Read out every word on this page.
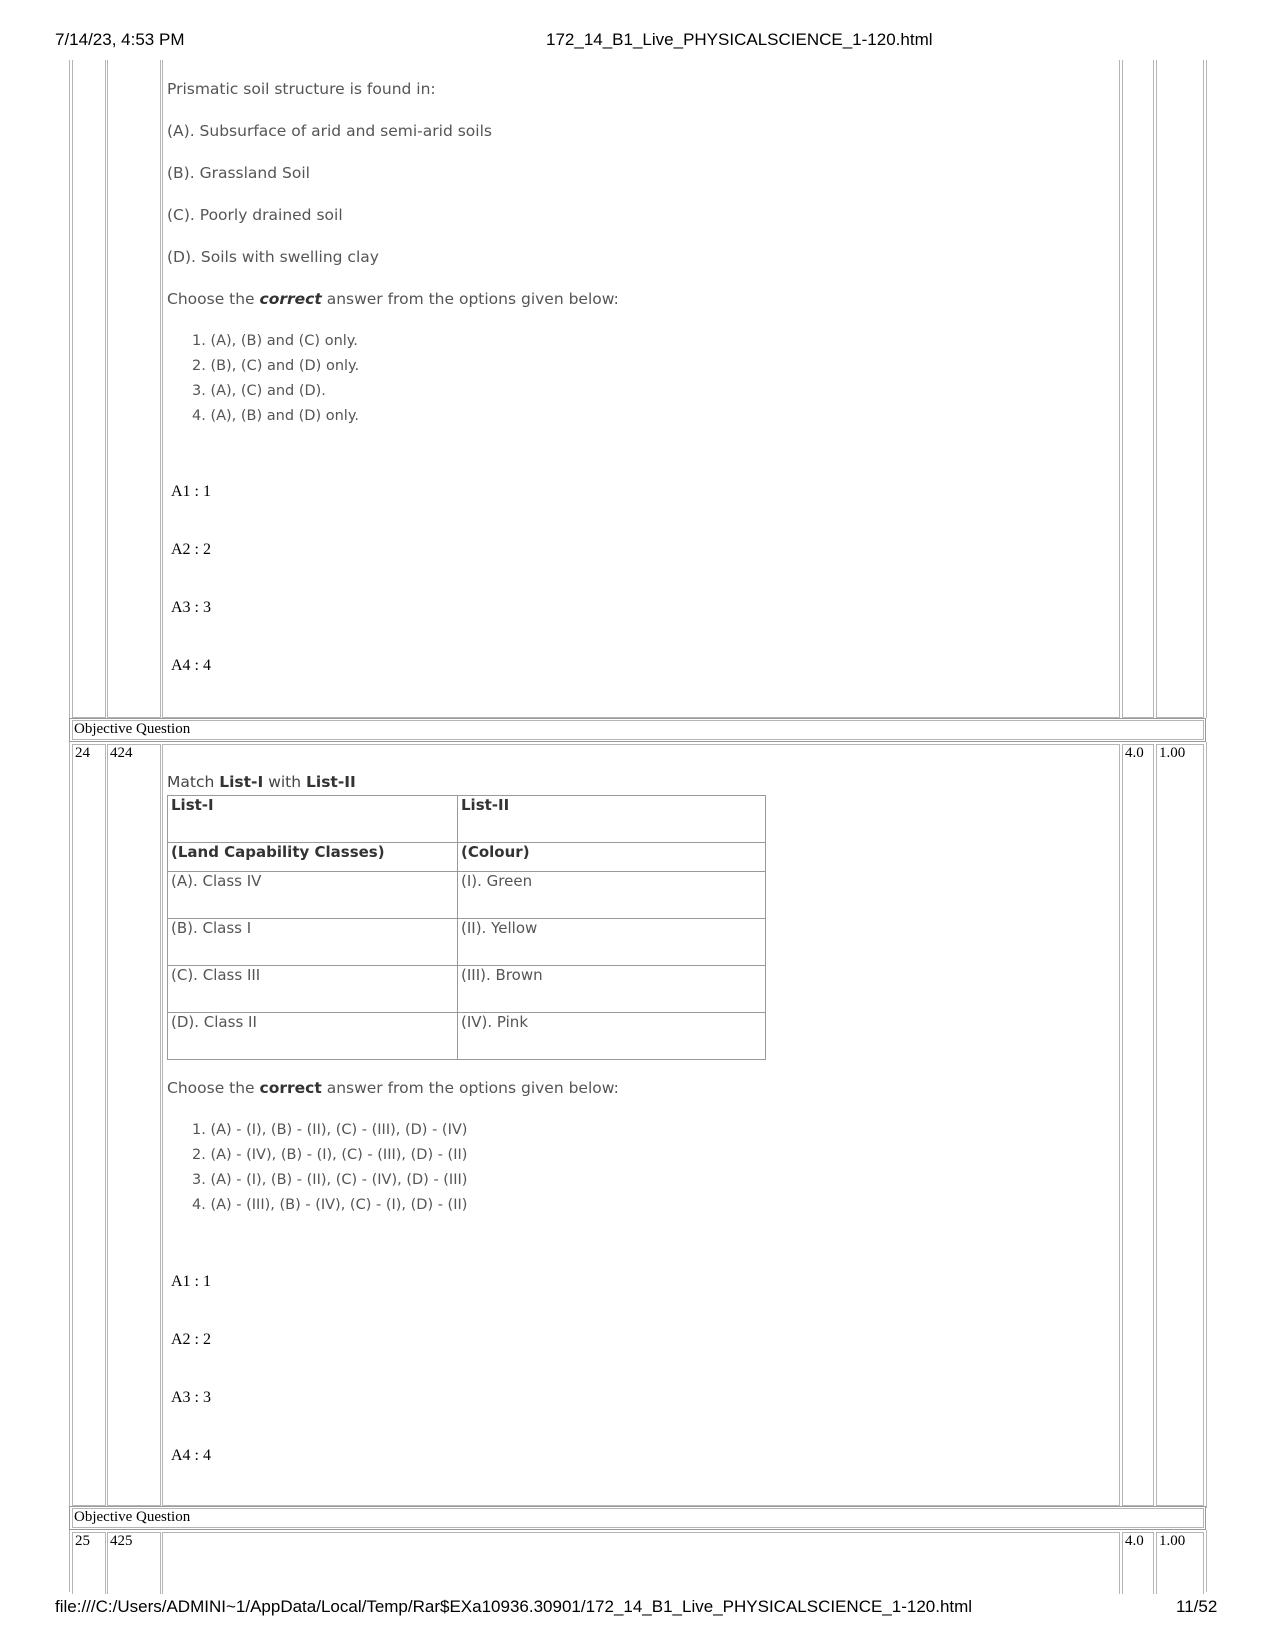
7/14/23, 4:53 PM	172_14_B1_Live_PHYSICALSCIENCE_1-120.html
Prismatic soil structure is found in:
(A). Subsurface of arid and semi-arid soils
(B). Grassland Soil
(C). Poorly drained soil
(D). Soils with swelling clay
Choose the correct answer from the options given below:
1. (A), (B) and (C) only.
2. (B), (C) and (D) only.
3. (A), (C) and (D).
4. (A), (B) and (D) only.
A1 : 1
A2 : 2
A3 : 3
A4 : 4
Objective Question
24 424	4.0 1.00
Match List-I with List-II
List-I	List-II
(Land Capability Classes)	(Colour)
(A). Class IV	(I). Green
(B). Class I	(II). Yellow
(C). Class III	(III). Brown
(D). Class II	(IV). Pink
Choose the correct answer from the options given below:
1. (A) - (I), (B) - (II), (C) - (III), (D) - (IV)
2. (A) - (IV), (B) - (I), (C) - (III), (D) - (II)
3. (A) - (I), (B) - (II), (C) - (IV), (D) - (III)
4. (A) - (III), (B) - (IV), (C) - (I), (D) - (II)
A1 : 1
A2 : 2
A3 : 3
A4 : 4
Objective Question
25 425	4.0 1.00
file:///C:/Users/ADMINI~1/AppData/Local/Temp/Rar$EXa10936.30901/172_14_B1_Live_PHYSICALSCIENCE_1-120.html	11/52
